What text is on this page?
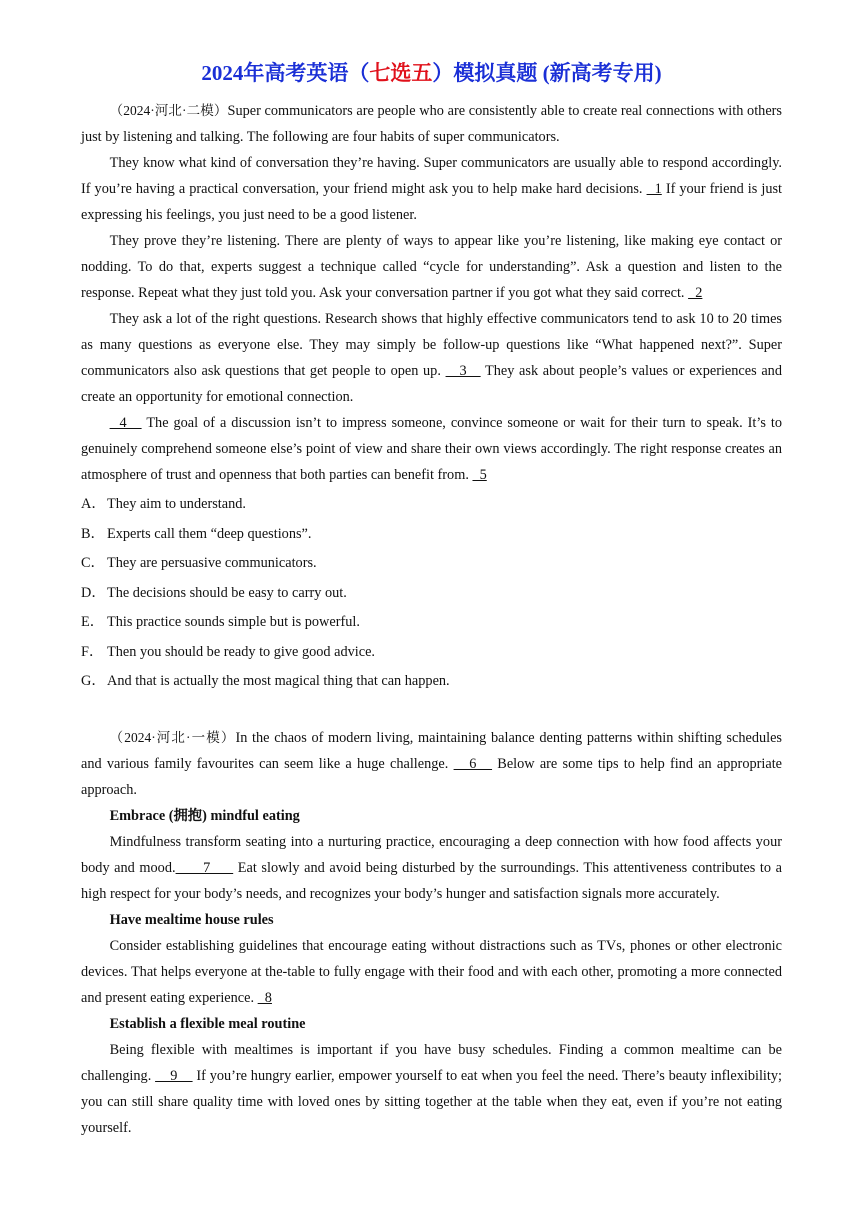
2024年高考英语（七选五）模拟真题 (新高考专用)

（2024·河北·二模）Super communicators are people who are consistently able to create real connections with others just by listening and talking. The following are four habits of super communicators.

They know what kind of conversation they’re having. Super communicators are usually able to respond accordingly. If you’re having a practical conversation, your friend might ask you to help make hard decisions.   1 If your friend is just expressing his feelings, you just need to be a good listener.

They prove they’re listening. There are plenty of ways to appear like you’re listening, like making eye contact or nodding. To do that, experts suggest a technique called “cycle for understanding”. Ask a question and listen to the response. Repeat what they just told you. Ask your conversation partner if you got what they said correct.   2

They ask a lot of the right questions. Research shows that highly effective communicators tend to ask 10 to 20 times as many questions as everyone else. They may simply be follow-up questions like “What happened next?”. Super communicators also ask questions that get people to open up.    3    They ask about people’s values or experiences and create an opportunity for emotional connection.

4    The goal of a discussion isn’t to impress someone, convince someone or wait for their turn to speak. It’s to genuinely comprehend someone else’s point of view and share their own views accordingly. The right response creates an atmosphere of trust and openness that both parties can benefit from.   5

A．They aim to understand.

B． Experts call them “deep questions”.

C． They are persuasive communicators.

D．The decisions should be easy to carry out.

E． This practice sounds simple but is powerful.

F． Then you should be ready to give good advice.

G．And that is actually the most magical thing that can happen.

（2024·河北·一模）In the chaos of modern living, maintaining balance denting patterns within shifting schedules and various family favourites can seem like a huge challenge.    6    Below are some tips to help find an appropriate approach.

Embrace (拥抱) mindful eating

Mindfulness transform seating into a nurturing practice, encouraging a deep connection with how food affects your body and mood.      7      Eat slowly and avoid being disturbed by the surroundings. This attentiveness contributes to a high respect for your body’s needs, and recognizes your body’s hunger and satisfaction signals more accurately.

Have mealtime house rules

Consider establishing guidelines that encourage eating without distractions such as TVs, phones or other electronic devices. That helps everyone at the-table to fully engage with their food and with each other, promoting a more connected and present eating experience.   8

Establish a flexible meal routine

Being flexible with mealtimes is important if you have busy schedules. Finding a common mealtime can be challenging.     9     If you’re hungry earlier, empower yourself to eat when you feel the need. There’s beauty inflexibility; you can still share quality time with loved ones by sitting together at the table when they eat, even if you’re not eating yourself.
